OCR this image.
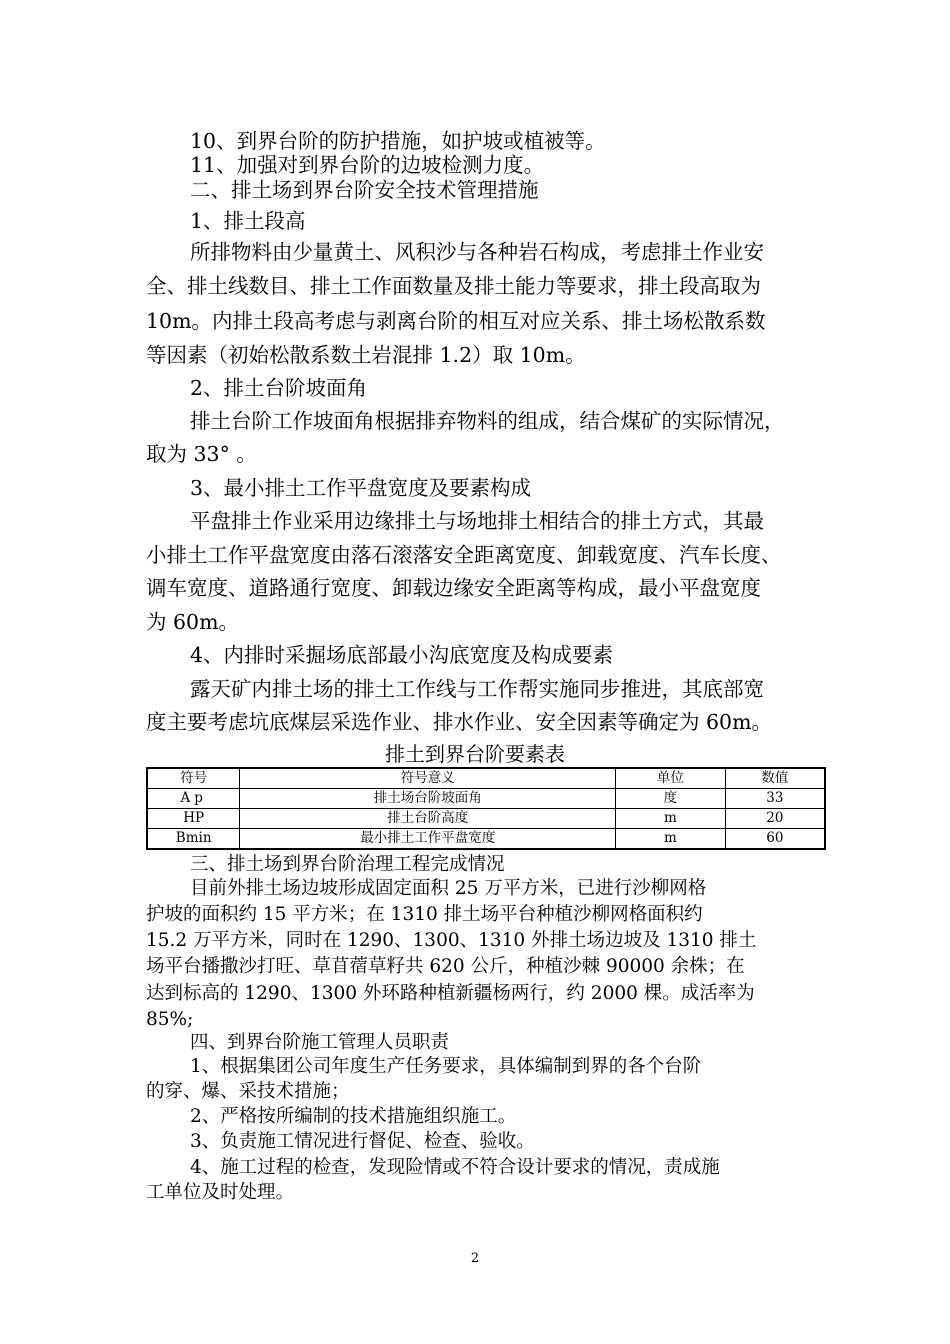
10、到界台阶的防护措施，如护坡或植被等。
11、加强对到界台阶的边坡检测力度。
二、排土场到界台阶安全技术管理措施
1、排土段高
所排物料由少量黄土、风积沙与各种岩石构成，考虑排土作业安
全、排土线数目、排土工作面数量及排土能力等要求，排土段高取为
10m。内排土段高考虑与剥离台阶的相互对应关系、排土场松散系数
等因素（初始松散系数土岩混排 1.2）取 10m。
2、排土台阶坡面角
排土台阶工作坡面角根据排弃物料的组成，结合煤矿的实际情况，
取为 33° 。
3、最小排土工作平盘宽度及要素构成
平盘排土作业采用边缘排土与场地排土相结合的排土方式，其最
小排土工作平盘宽度由落石滚落安全距离宽度、卸载宽度、汽车长度、
调车宽度、道路通行宽度、卸载边缘安全距离等构成，最小平盘宽度
为 60m。
4、内排时采掘场底部最小沟底宽度及构成要素
露天矿内排土场的排土工作线与工作帮实施同步推进，其底部宽
度主要考虑坑底煤层采选作业、排水作业、安全因素等确定为 60m。
排土到界台阶要素表
符号	符号意义	单位	数值
Ap	排土场台阶坡面角	度	33
HP	排土台阶高度	m	20
Bmin	最小排土工作平盘宽度	m	60
三、排土场到界台阶治理工程完成情况
目前外排土场边坡形成固定面积 25 万平方米，已进行沙柳网格
护坡的面积约 15 平方米；在 1310 排土场平台种植沙柳网格面积约
15.2 万平方米，同时在 1290、1300、1310 外排土场边坡及 1310 排土
场平台播撒沙打旺、草苜蓿草籽共 620 公斤，种植沙棘 90000 余株；在
达到标高的 1290、1300 外环路种植新疆杨两行，约 2000 棵。成活率为
85%;
四、到界台阶施工管理人员职责
1、根据集团公司年度生产任务要求，具体编制到界的各个台阶
的穿、爆、采技术措施；
2、严格按所编制的技术措施组织施工。
3、负责施工情况进行督促、检查、验收。
4、施工过程的检查，发现险情或不符合设计要求的情况，责成施
工单位及时处理。
2
